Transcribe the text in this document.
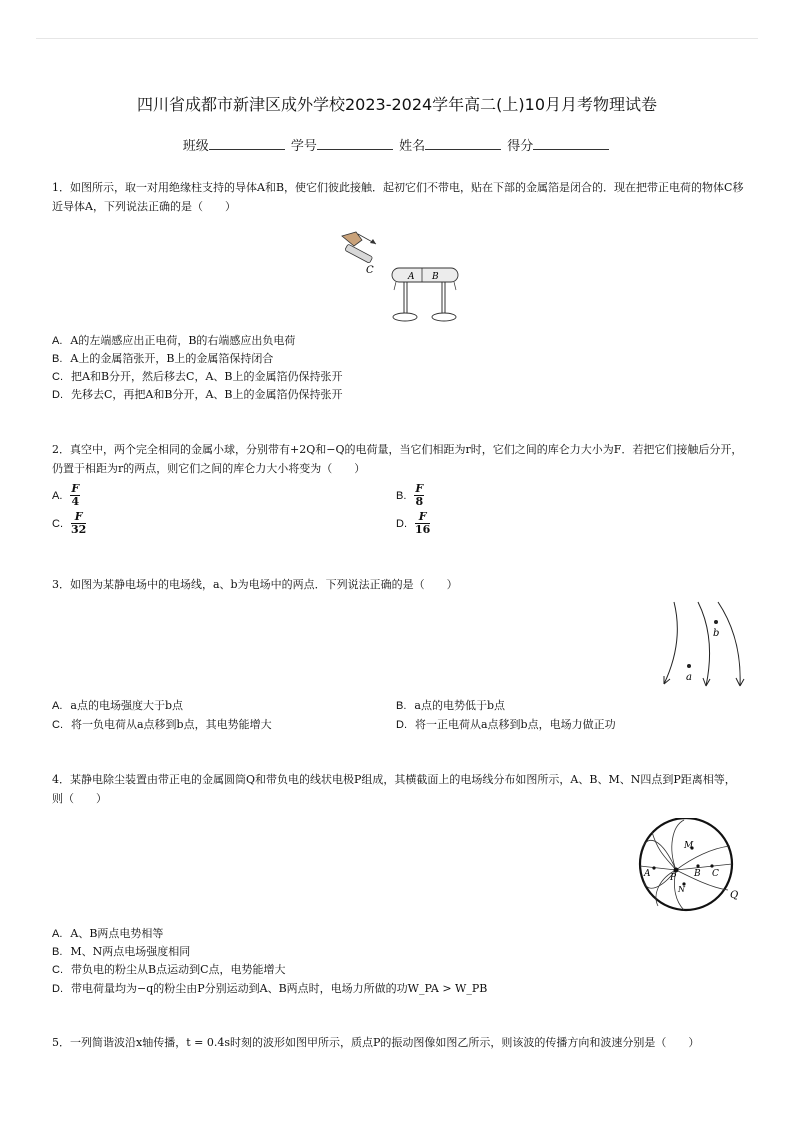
四川省成都市新津区成外学校2023-2024学年高二(上)10月月考物理试卷
班级	学号	姓名	得分
1．如图所示，取一对用绝缘柱支持的导体A和B，使它们彼此接触．起初它们不带电，贴在下部的金属箔是闭合的．现在把带正电荷的物体C移近导体A，下列说法正确的是（　　）
C
A B
A. A的左端感应出正电荷，B的右端感应出负电荷
B. A上的金属箔张开，B上的金属箔保持闭合
C. 把A和B分开，然后移去C，A、B上的金属箔仍保持张开
D. 先移去C，再把A和B分开，A、B上的金属箔仍保持张开
2．真空中，两个完全相同的金属小球，分别带有+2Q和−Q的电荷量，当它们相距为r时，它们之间的库仑力大小为F．若把它们接触后分开，仍置于相距为r的两点，则它们之间的库仑力大小将变为（　　）
A. $\frac{F}{4}$	B. $\frac{F}{8}$
C. $\frac{F}{32}$	D. $\frac{F}{16}$
3．如图为某静电场中的电场线，a、b为电场中的两点．下列说法正确的是（　　）
b
a
A. a点的电场强度大于b点	B. a点的电势低于b点
C. 将一负电荷从a点移到b点，其电势能增大	D. 将一正电荷从a点移到b点，电场力做正功
4．某静电除尘装置由带正电的金属圆筒Q和带负电的线状电极P组成，其横截面上的电场线分布如图所示，A、B、M、N四点到P距离相等，则（　　）
M
N
A P B C
Q
A. A、B两点电势相等
B. M、N两点电场强度相同
C. 带负电的粉尘从B点运动到C点，电势能增大
D. 带电荷量均为−q的粉尘由P分别运动到A、B两点时，电场力所做的功W_PA > W_PB
5．一列简谐波沿x轴传播，t = 0.4s时刻的波形如图甲所示，质点P的振动图像如图乙所示，则该波的传播方向和波速分别是（　　）
